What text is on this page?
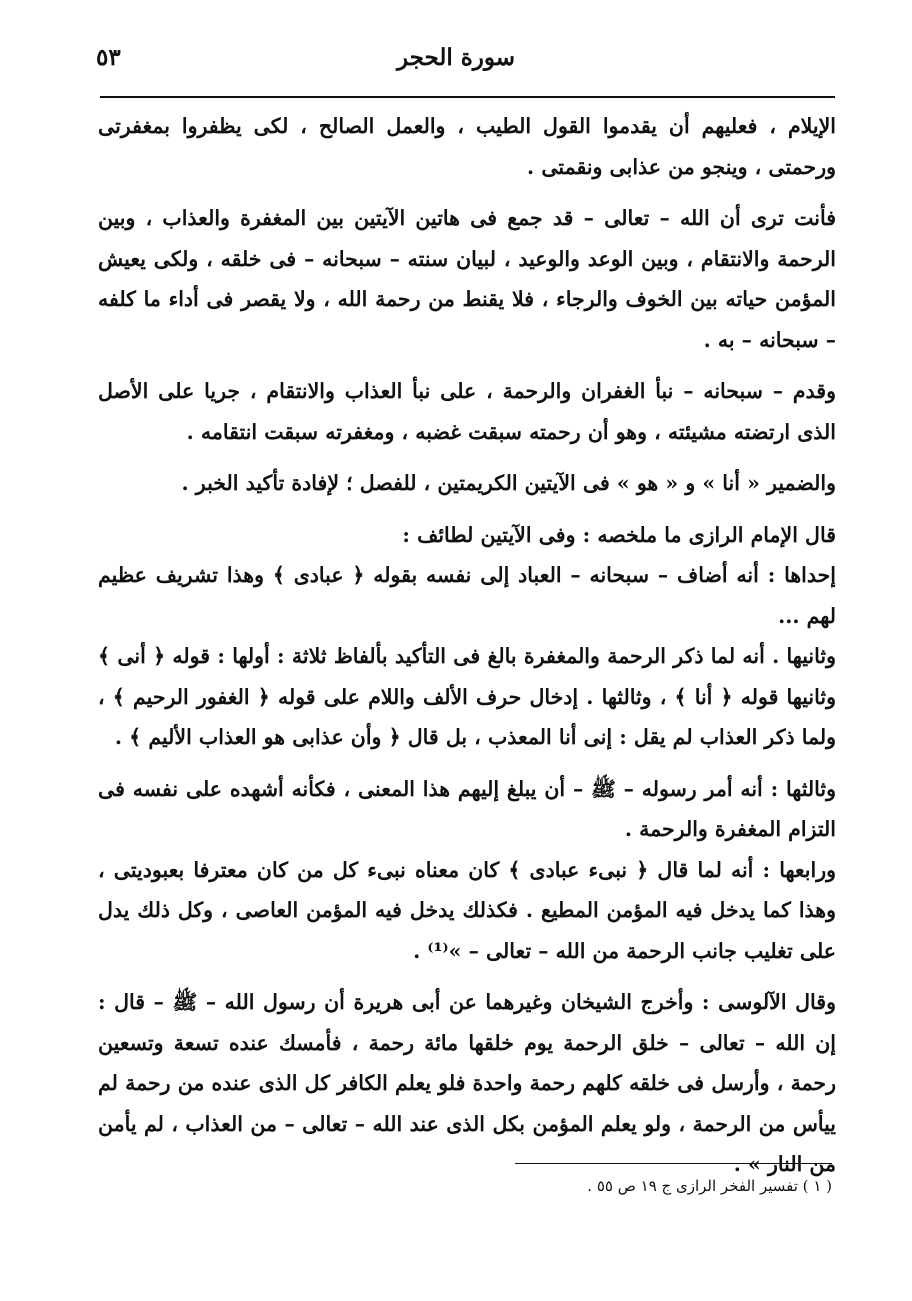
٥٣	سورة الحجر

الإيلام ، فعليهم أن يقدموا القول الطيب ، والعمل الصالح ، لكى يظفروا بمغفرتى ورحمتى ، وينجو من عذابى ونقمتى .

فأنت ترى أن الله – تعالى – قد جمع فى هاتين الآيتين بين المغفرة والعذاب ، وبين الرحمة والانتقام ، وبين الوعد والوعيد ، لبيان سنته – سبحانه – فى خلقه ، ولكى يعيش المؤمن حياته بين الخوف والرجاء ، فلا يقنط من رحمة الله ، ولا يقصر فى أداء ما كلفه – سبحانه – به .

وقدم – سبحانه – نبأ الغفران والرحمة ، على نبأ العذاب والانتقام ، جريا على الأصل الذى ارتضته مشيئته ، وهو أن رحمته سبقت غضبه ، ومغفرته سبقت انتقامه .

والضمير « أنا » و « هو » فى الآيتين الكريمتين ، للفصل ؛ لإفادة تأكيد الخبر .

قال الإمام الرازى ما ملخصه : وفى الآيتين لطائف :

إحداها : أنه أضاف – سبحانه – العباد إلى نفسه بقوله ﴿ عبادى ﴾ وهذا تشريف عظيم لهم ...

وثانيها . أنه لما ذكر الرحمة والمغفرة بالغ فى التأكيد بألفاظ ثلاثة : أولها : قوله ﴿ أنى ﴾ وثانيها قوله ﴿ أنا ﴾ ، وثالثها . إدخال حرف الألف واللام على قوله ﴿ الغفور الرحيم ﴾ ، ولما ذكر العذاب لم يقل : إنى أنا المعذب ، بل قال ﴿ وأن عذابى هو العذاب الأليم ﴾ .

وثالثها : أنه أمر رسوله – ﷺ – أن يبلغ إليهم هذا المعنى ، فكأنه أشهده على نفسه فى التزام المغفرة والرحمة .

ورابعها : أنه لما قال ﴿ نبىء عبادى ﴾ كان معناه نبىء كل من كان معترفا بعبوديتى ، وهذا كما يدخل فيه المؤمن المطيع . فكذلك يدخل فيه المؤمن العاصى ، وكل ذلك يدل على تغليب جانب الرحمة من الله – تعالى – »⁽¹⁾ .

وقال الآلوسى : وأخرج الشيخان وغيرهما عن أبى هريرة أن رسول الله – ﷺ – قال : إن الله – تعالى – خلق الرحمة يوم خلقها مائة رحمة ، فأمسك عنده تسعة وتسعين رحمة ، وأرسل فى خلقه كلهم رحمة واحدة فلو يعلم الكافر كل الذى عنده من رحمة لم ييأس من الرحمة ، ولو يعلم المؤمن بكل الذى عند الله – تعالى – من العذاب ، لم يأمن من النار » .

( ١ ) تفسير الفخر الرازى ج ١٩ ص ٥٥ .
